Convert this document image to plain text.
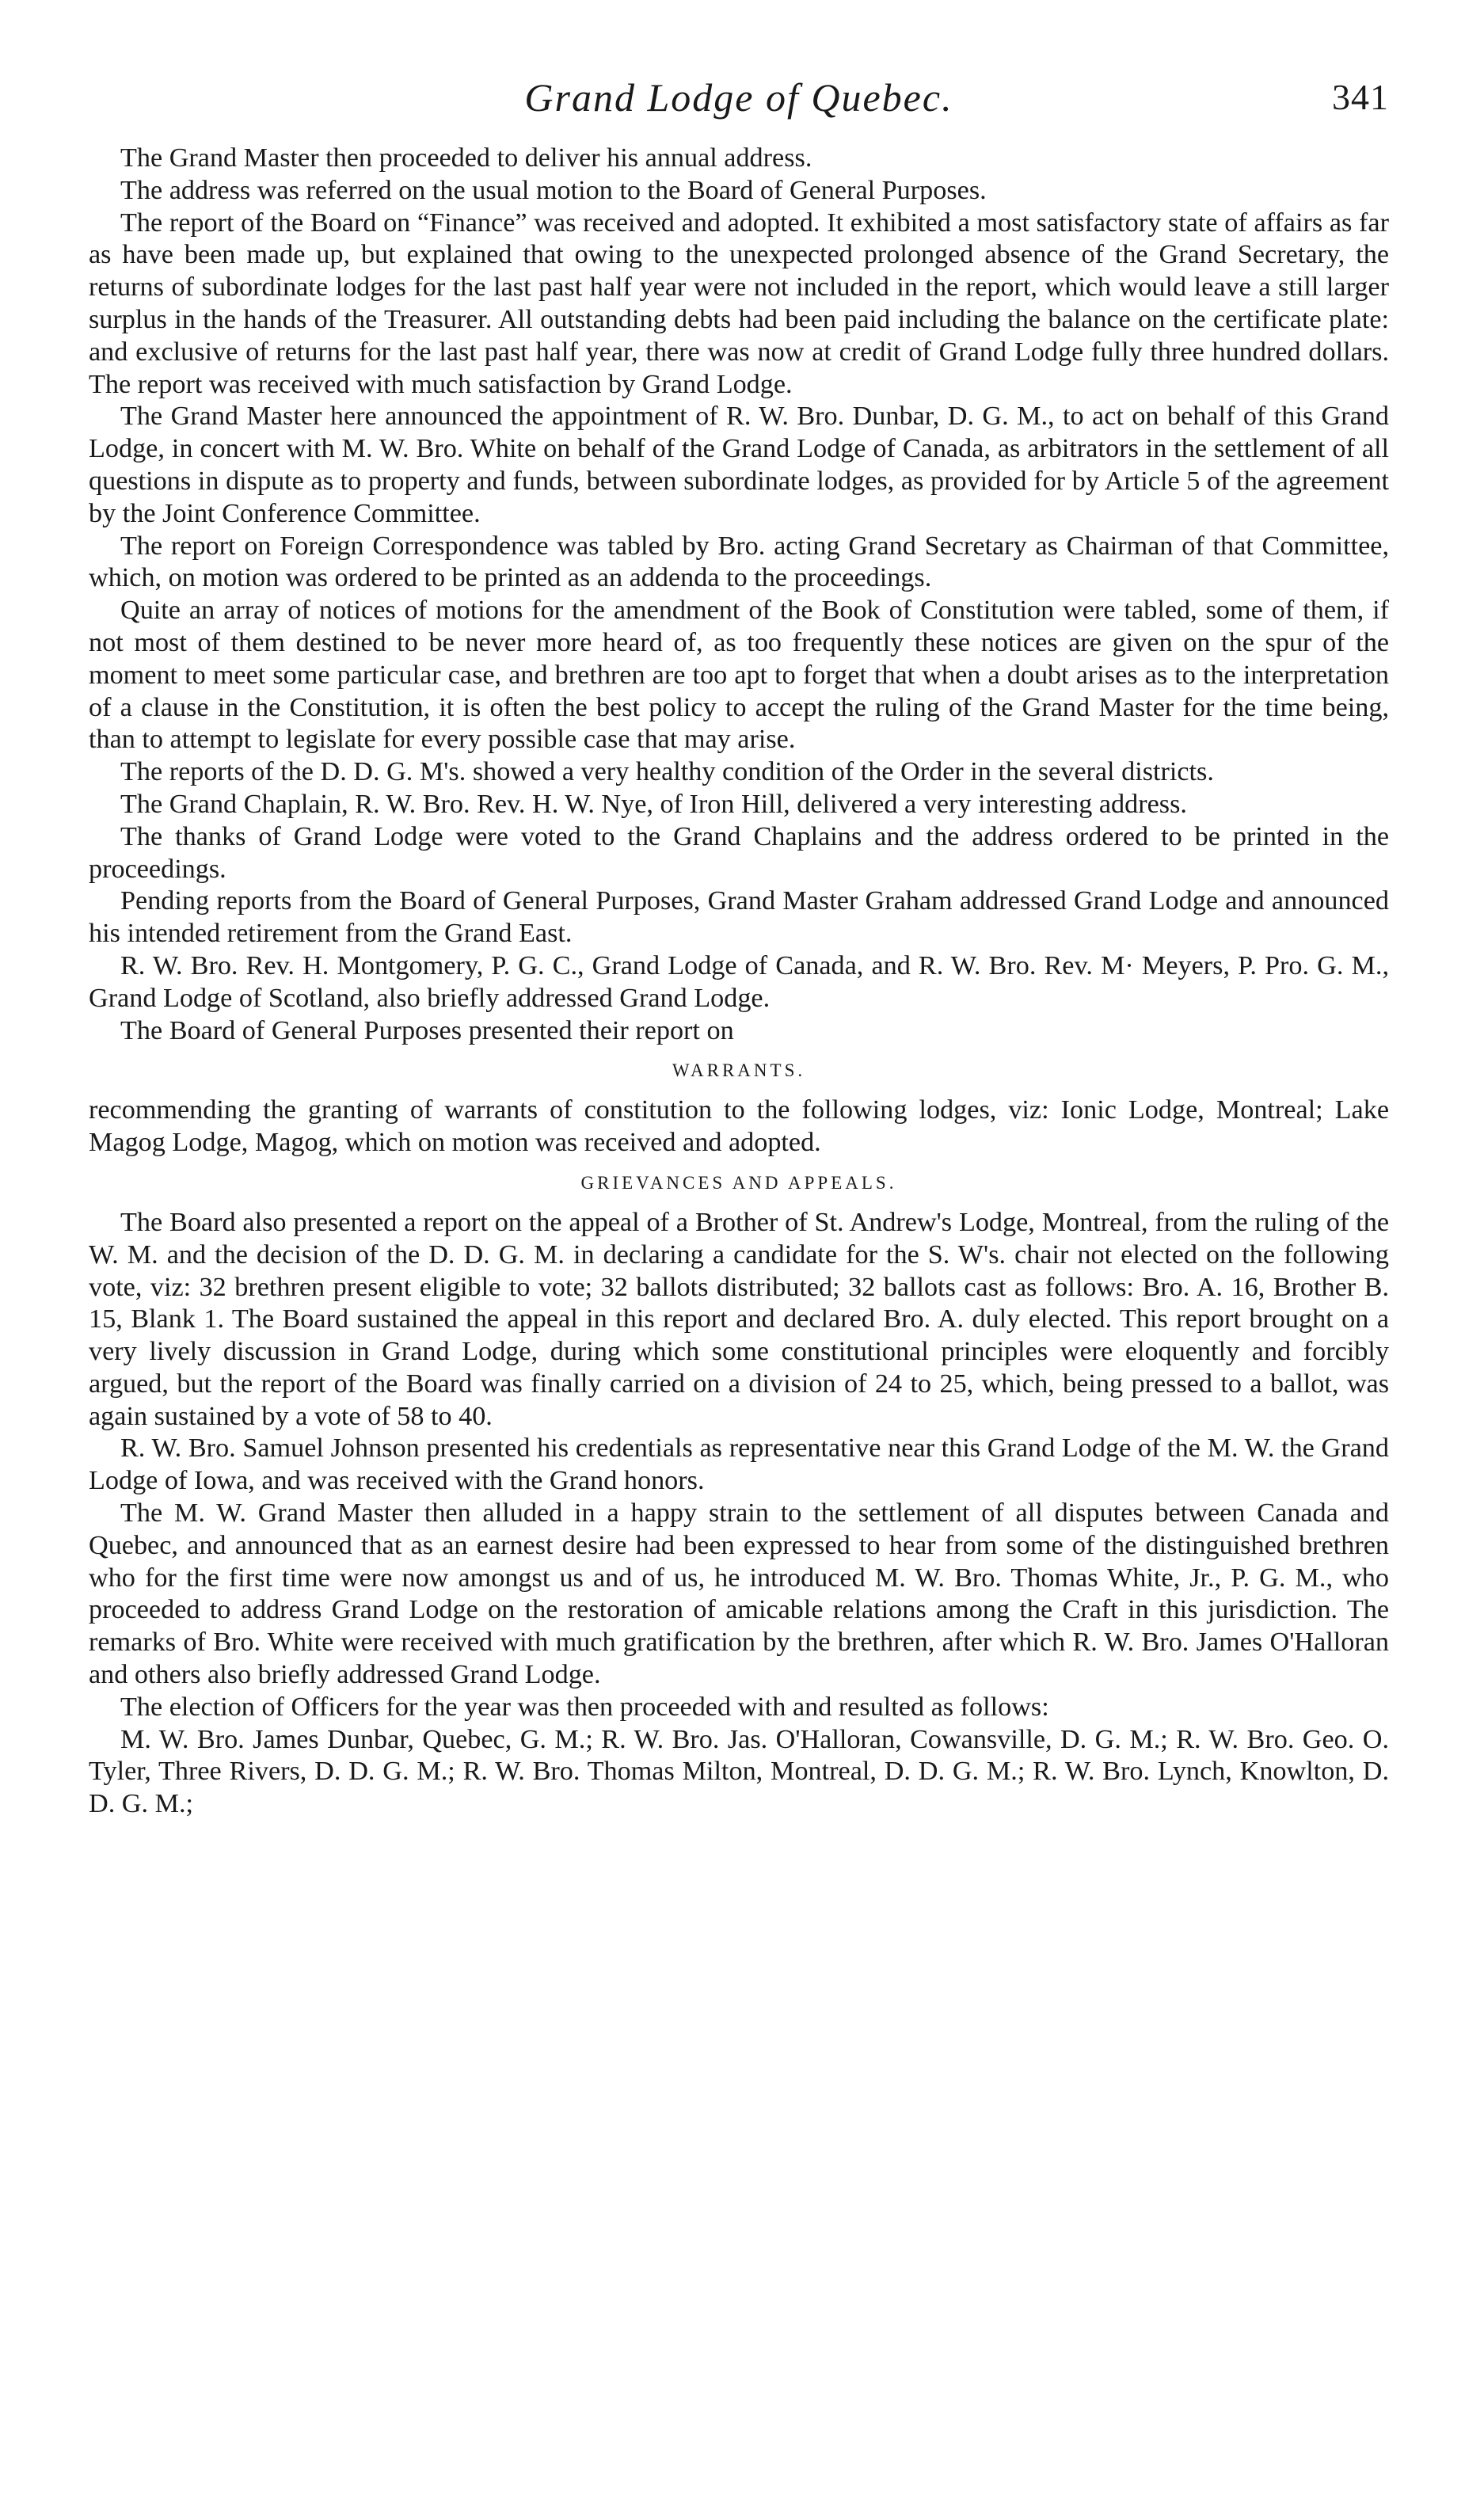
Grand Lodge of Quebec.	341

The Grand Master then proceeded to deliver his annual address.

The address was referred on the usual motion to the Board of General Purposes.

The report of the Board on “Finance” was received and adopted. It exhibited a most satisfactory state of affairs as far as have been made up, but explained that owing to the unexpected prolonged absence of the Grand Secretary, the returns of subordinate lodges for the last past half year were not included in the report, which would leave a still larger surplus in the hands of the Treasurer. All outstanding debts had been paid including the balance on the certificate plate: and exclusive of returns for the last past half year, there was now at credit of Grand Lodge fully three hundred dollars. The report was received with much satisfaction by Grand Lodge.

The Grand Master here announced the appointment of R. W. Bro. Dunbar, D. G. M., to act on behalf of this Grand Lodge, in concert with M. W. Bro. White on behalf of the Grand Lodge of Canada, as arbitrators in the settlement of all questions in dispute as to property and funds, between subordinate lodges, as provided for by Article 5 of the agreement by the Joint Conference Committee.

The report on Foreign Correspondence was tabled by Bro. acting Grand Secretary as Chairman of that Committee, which, on motion was ordered to be printed as an addenda to the proceedings.

Quite an array of notices of motions for the amendment of the Book of Constitution were tabled, some of them, if not most of them destined to be never more heard of, as too frequently these notices are given on the spur of the moment to meet some particular case, and brethren are too apt to forget that when a doubt arises as to the interpretation of a clause in the Constitution, it is often the best policy to accept the ruling of the Grand Master for the time being, than to attempt to legislate for every possible case that may arise.

The reports of the D. D. G. M's. showed a very healthy condition of the Order in the several districts.

The Grand Chaplain, R. W. Bro. Rev. H. W. Nye, of Iron Hill, delivered a very interesting address.

The thanks of Grand Lodge were voted to the Grand Chaplains and the address ordered to be printed in the proceedings.

Pending reports from the Board of General Purposes, Grand Master Graham addressed Grand Lodge and announced his intended retirement from the Grand East.

R. W. Bro. Rev. H. Montgomery, P. G. C., Grand Lodge of Canada, and R. W. Bro. Rev. M· Meyers, P. Pro. G. M., Grand Lodge of Scotland, also briefly addressed Grand Lodge.

The Board of General Purposes presented their report on

WARRANTS.

recommending the granting of warrants of constitution to the following lodges, viz: Ionic Lodge, Montreal; Lake Magog Lodge, Magog, which on motion was received and adopted.

GRIEVANCES AND APPEALS.

The Board also presented a report on the appeal of a Brother of St. Andrew's Lodge, Montreal, from the ruling of the W. M. and the decision of the D. D. G. M. in declaring a candidate for the S. W's. chair not elected on the following vote, viz: 32 brethren present eligible to vote; 32 ballots distributed; 32 ballots cast as follows: Bro. A. 16, Brother B. 15, Blank 1. The Board sustained the appeal in this report and declared Bro. A. duly elected. This report brought on a very lively discussion in Grand Lodge, during which some constitutional principles were eloquently and forcibly argued, but the report of the Board was finally carried on a division of 24 to 25, which, being pressed to a ballot, was again sustained by a vote of 58 to 40.

R. W. Bro. Samuel Johnson presented his credentials as representative near this Grand Lodge of the M. W. the Grand Lodge of Iowa, and was received with the Grand honors.

The M. W. Grand Master then alluded in a happy strain to the settlement of all disputes between Canada and Quebec, and announced that as an earnest desire had been expressed to hear from some of the distinguished brethren who for the first time were now amongst us and of us, he introduced M. W. Bro. Thomas White, Jr., P. G. M., who proceeded to address Grand Lodge on the restoration of amicable relations among the Craft in this jurisdiction. The remarks of Bro. White were received with much gratification by the brethren, after which R. W. Bro. James O'Halloran and others also briefly addressed Grand Lodge.

The election of Officers for the year was then proceeded with and resulted as follows:

M. W. Bro. James Dunbar, Quebec, G. M.; R. W. Bro. Jas. O'Halloran, Cowansville, D. G. M.; R. W. Bro. Geo. O. Tyler, Three Rivers, D. D. G. M.; R. W. Bro. Thomas Milton, Montreal, D. D. G. M.; R. W. Bro. Lynch, Knowlton, D. D. G. M.;
